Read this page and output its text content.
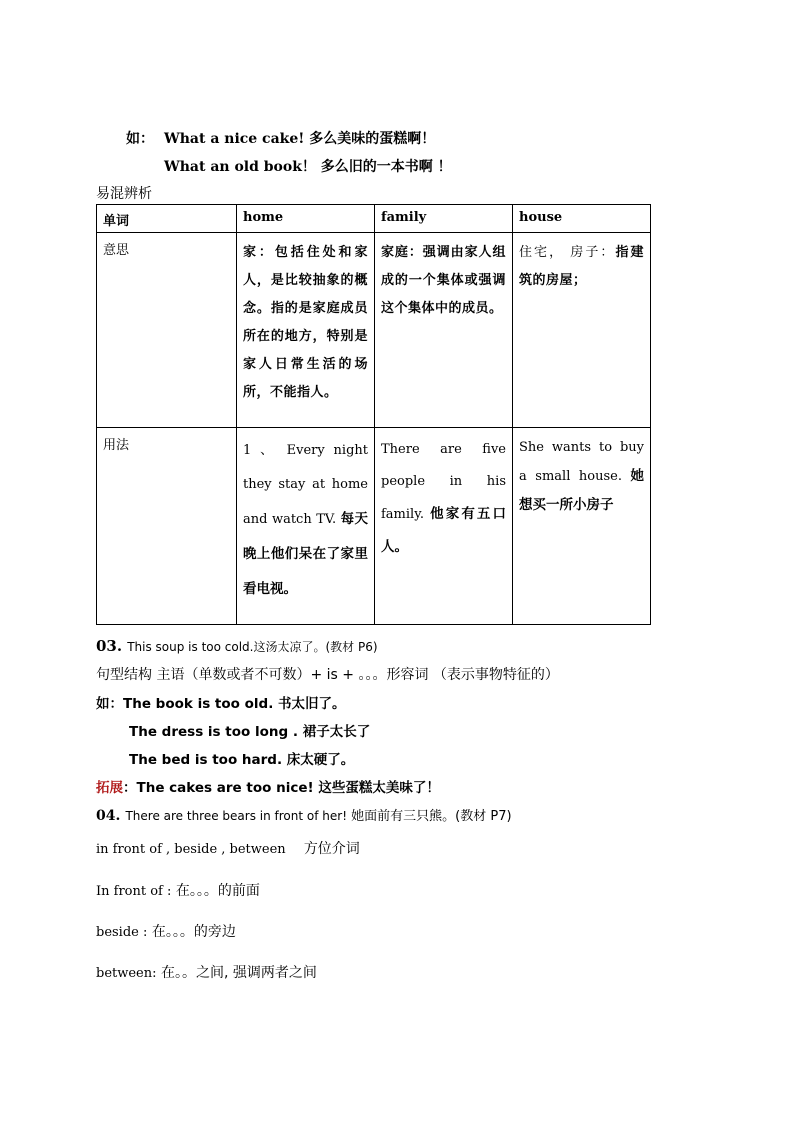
如： What a nice cake! 多么美味的蛋糕啊！
What an old book！ 多么旧的一本书啊 ！
易混辨析
单词	home	family	house
意思	家：包括住处和家人，是比较抽象的概念。指的是家庭成员所在的地方，特别是家人日常生活的场所，不能指人。	家庭：强调由家人组成的一个集体或强调这个集体中的成员。	住宅， 房子：指建筑的房屋；
用法	1 、 Every night they stay at home and watch TV. 每天晚上他们呆在了家里看电视。	There are five people in his family. 他家有五口人。	She wants to buy a small house. 她想买一所小房子
03. This soup is too cold.这汤太凉了。(教材 P6)
句型结构 主语（单数或者不可数）+ is + 。。。形容词 （表示事物特征的）
如：The book is too old. 书太旧了。
The dress is too long . 裙子太长了
The bed is too hard. 床太硬了。
拓展：The cakes are too nice! 这些蛋糕太美味了！
04. There are three bears in front of her! 她面前有三只熊。(教材 P7)
in front of , beside , between 方位介词
In front of : 在。。。的前面
beside : 在。。。的旁边
between: 在。。之间, 强调两者之间
